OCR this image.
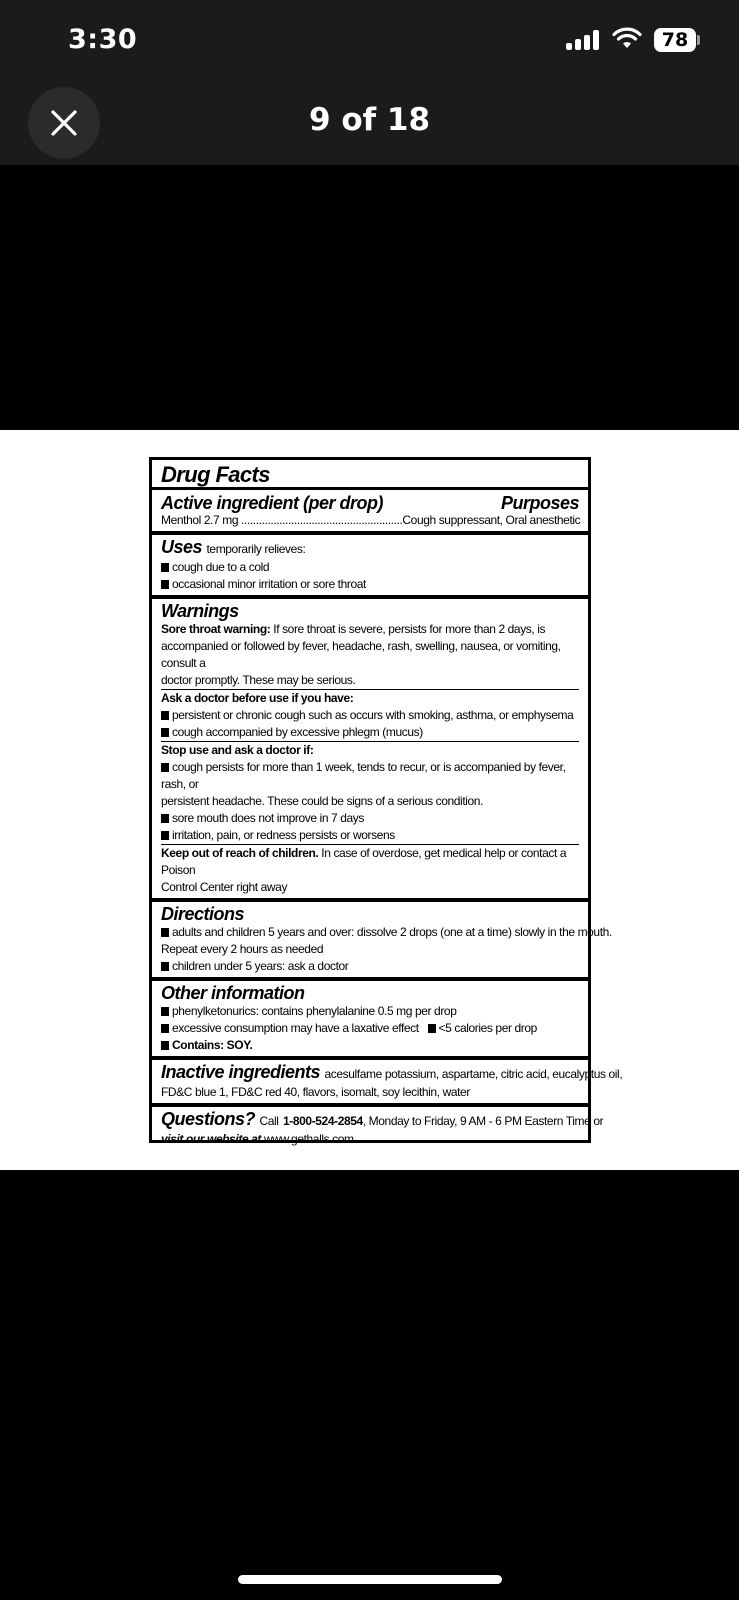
3:30	78
9 of 18
Drug Facts
Active ingredient (per drop)	Purposes
Menthol 2.7 mg .......................................................Cough suppressant, Oral anesthetic
Uses temporarily relieves:
cough due to a cold
occasional minor irritation or sore throat
Warnings
Sore throat warning: If sore throat is severe, persists for more than 2 days, is
accompanied or followed by fever, headache, rash, swelling, nausea, or vomiting, consult a
doctor promptly. These may be serious.
Ask a doctor before use if you have:
persistent or chronic cough such as occurs with smoking, asthma, or emphysema
cough accompanied by excessive phlegm (mucus)
Stop use and ask a doctor if:
cough persists for more than 1 week, tends to recur, or is accompanied by fever, rash, or
persistent headache. These could be signs of a serious condition.
sore mouth does not improve in 7 days
irritation, pain, or redness persists or worsens
Keep out of reach of children. In case of overdose, get medical help or contact a Poison
Control Center right away
Directions
adults and children 5 years and over: dissolve 2 drops (one at a time) slowly in the mouth.
Repeat every 2 hours as needed
children under 5 years: ask a doctor
Other information
phenylketonurics: contains phenylalanine 0.5 mg per drop
excessive consumption may have a laxative effect <5 calories per drop
Contains: SOY.
Inactive ingredients acesulfame potassium, aspartame, citric acid, eucalyptus oil,
FD&C blue 1, FD&C red 40, flavors, isomalt, soy lecithin, water
Questions? Call 1-800-524-2854, Monday to Friday, 9 AM - 6 PM Eastern Time or
visit our website at www.gethalls.com
